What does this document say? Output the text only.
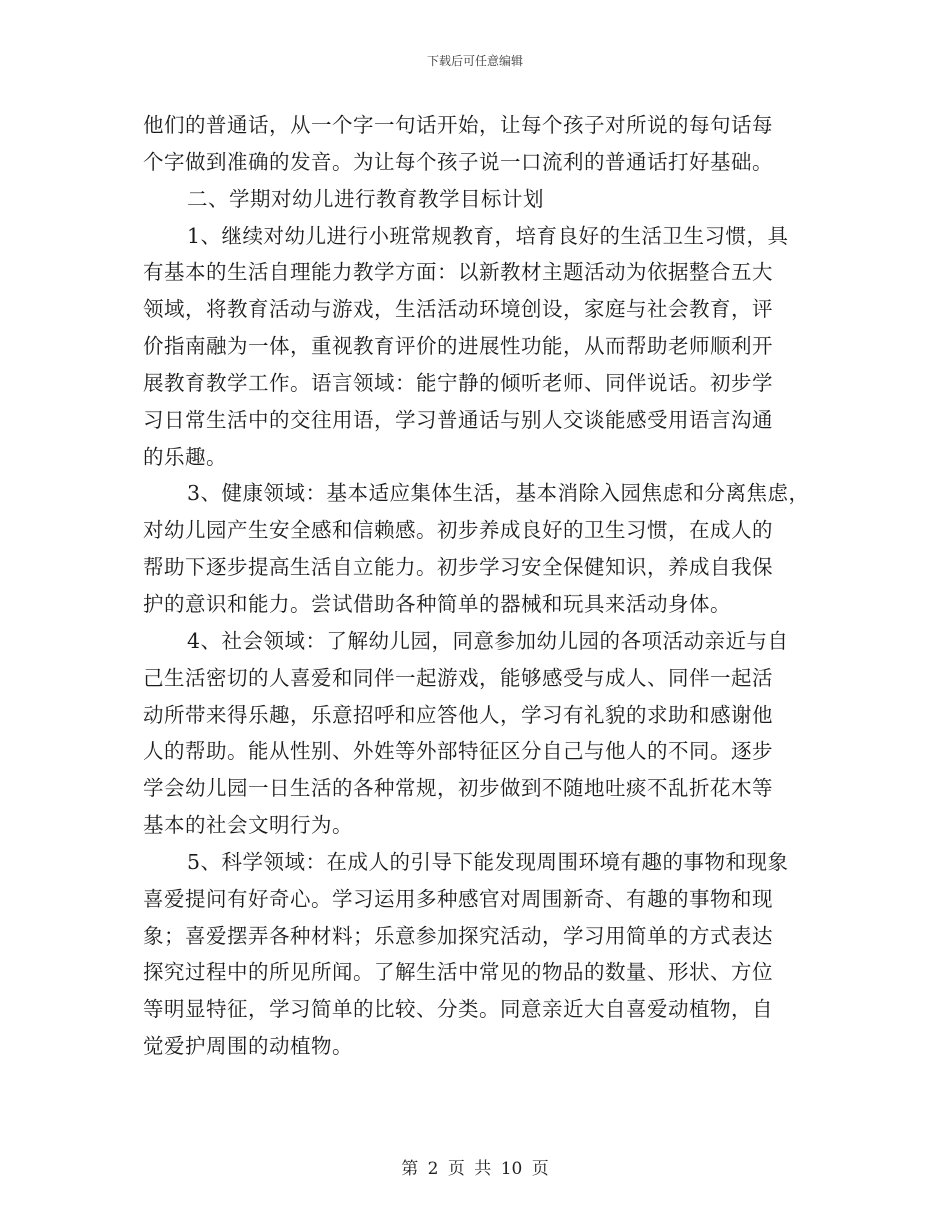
下载后可任意编辑
他们的普通话，从一个字一句话开始，让每个孩子对所说的每句话每
个字做到准确的发音。为让每个孩子说一口流利的普通话打好基础。
二、学期对幼儿进行教育教学目标计划
1、继续对幼儿进行小班常规教育，培育良好的生活卫生习惯，具
有基本的生活自理能力教学方面：以新教材主题活动为依据整合五大
领域，将教育活动与游戏，生活活动环境创设，家庭与社会教育，评
价指南融为一体，重视教育评价的进展性功能，从而帮助老师顺利开
展教育教学工作。语言领域：能宁静的倾听老师、同伴说话。初步学
习日常生活中的交往用语，学习普通话与别人交谈能感受用语言沟通
的乐趣。
3、健康领域：基本适应集体生活，基本消除入园焦虑和分离焦虑，
对幼儿园产生安全感和信赖感。初步养成良好的卫生习惯，在成人的
帮助下逐步提高生活自立能力。初步学习安全保健知识，养成自我保
护的意识和能力。尝试借助各种简单的器械和玩具来活动身体。
4、社会领域：了解幼儿园，同意参加幼儿园的各项活动亲近与自
己生活密切的人喜爱和同伴一起游戏，能够感受与成人、同伴一起活
动所带来得乐趣，乐意招呼和应答他人，学习有礼貌的求助和感谢他
人的帮助。能从性别、外姓等外部特征区分自己与他人的不同。逐步
学会幼儿园一日生活的各种常规，初步做到不随地吐痰不乱折花木等
基本的社会文明行为。
5、科学领域：在成人的引导下能发现周围环境有趣的事物和现象
喜爱提问有好奇心。学习运用多种感官对周围新奇、有趣的事物和现
象；喜爱摆弄各种材料；乐意参加探究活动，学习用简单的方式表达
探究过程中的所见所闻。了解生活中常见的物品的数量、形状、方位
等明显特征，学习简单的比较、分类。同意亲近大自喜爱动植物，自
觉爱护周围的动植物。
第 2 页 共 10 页
